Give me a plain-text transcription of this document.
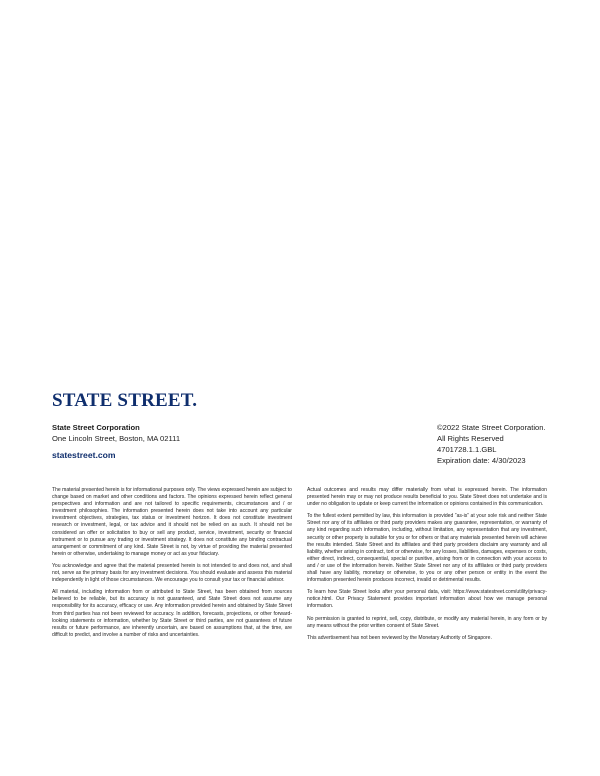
STATE STREET.
State Street Corporation
One Lincoln Street, Boston, MA 02111
statestreet.com
©2022 State Street Corporation.
All Rights Reserved
4701728.1.1.GBL
Expiration date: 4/30/2023

The material presented herein is for informational purposes only. The views expressed herein are subject to change based on market and other conditions and factors. The opinions expressed herein reflect general perspectives and information and are not tailored to specific requirements, circumstances and / or investment philosophies. The information presented herein does not take into account any particular investment objectives, strategies, tax status or investment horizon. It does not constitute investment research or investment, legal, or tax advice and it should not be relied on as such. It should not be considered an offer or solicitation to buy or sell any product, service, investment, security or financial instrument or to pursue any trading or investment strategy. It does not constitute any binding contractual arrangement or commitment of any kind. State Street is not, by virtue of providing the material presented herein or otherwise, undertaking to manage money or act as your fiduciary.

You acknowledge and agree that the material presented herein is not intended to and does not, and shall not, serve as the primary basis for any investment decisions. You should evaluate and assess this material independently in light of those circumstances. We encourage you to consult your tax or financial advisor.

All material, including information from or attributed to State Street, has been obtained from sources believed to be reliable, but its accuracy is not guaranteed, and State Street does not assume any responsibility for its accuracy, efficacy or use. Any information provided herein and obtained by State Street from third parties has not been reviewed for accuracy. In addition, forecasts, projections, or other forward-looking statements or information, whether by State Street or third parties, are not guarantees of future results or future performance, are inherently uncertain, are based on assumptions that, at the time, are difficult to predict, and involve a number of risks and uncertainties.

Actual outcomes and results may differ materially from what is expressed herein. The information presented herein may or may not produce results beneficial to you. State Street does not undertake and is under no obligation to update or keep current the information or opinions contained in this communication.

To the fullest extent permitted by law, this information is provided “as-is” at your sole risk and neither State Street nor any of its affiliates or third party providers makes any guarantee, representation, or warranty of any kind regarding such information, including, without limitation, any representation that any investment, security or other property is suitable for you or for others or that any materials presented herein will achieve the results intended. State Street and its affiliates and third party providers disclaim any warranty and all liability, whether arising in contract, tort or otherwise, for any losses, liabilities, damages, expenses or costs, either direct, indirect, consequential, special or punitive, arising from or in connection with your access to and / or use of the information herein. Neither State Street nor any of its affiliates or third party providers shall have any liability, monetary or otherwise, to you or any other person or entity in the event the information presented herein produces incorrect, invalid or detrimental results.

To learn how State Street looks after your personal data, visit: https://www.statestreet.com/utility/privacy-notice.html. Our Privacy Statement provides important information about how we manage personal information.

No permission is granted to reprint, sell, copy, distribute, or modify any material herein, in any form or by any means without the prior written consent of State Street.

This advertisement has not been reviewed by the Monetary Authority of Singapore.
